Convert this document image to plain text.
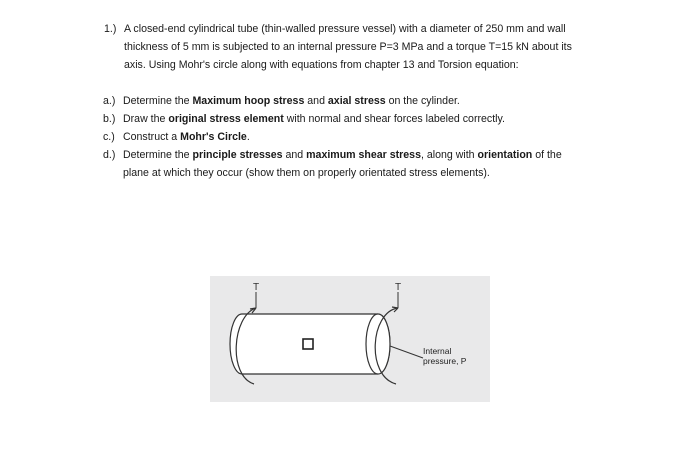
1.) A closed-end cylindrical tube (thin-walled pressure vessel) with a diameter of 250 mm and wall
thickness of 5 mm is subjected to an internal pressure P=3 MPa and a torque T=15 kN about its
axis. Using Mohr's circle along with equations from chapter 13 and Torsion equation:
a.) Determine the Maximum hoop stress and axial stress on the cylinder.
b.) Draw the original stress element with normal and shear forces labeled correctly.
c.) Construct a Mohr's Circle.
d.) Determine the principle stresses and maximum shear stress, along with orientation of the
plane at which they occur (show them on properly orientated stress elements).
T	T
Internal
pressure, P
